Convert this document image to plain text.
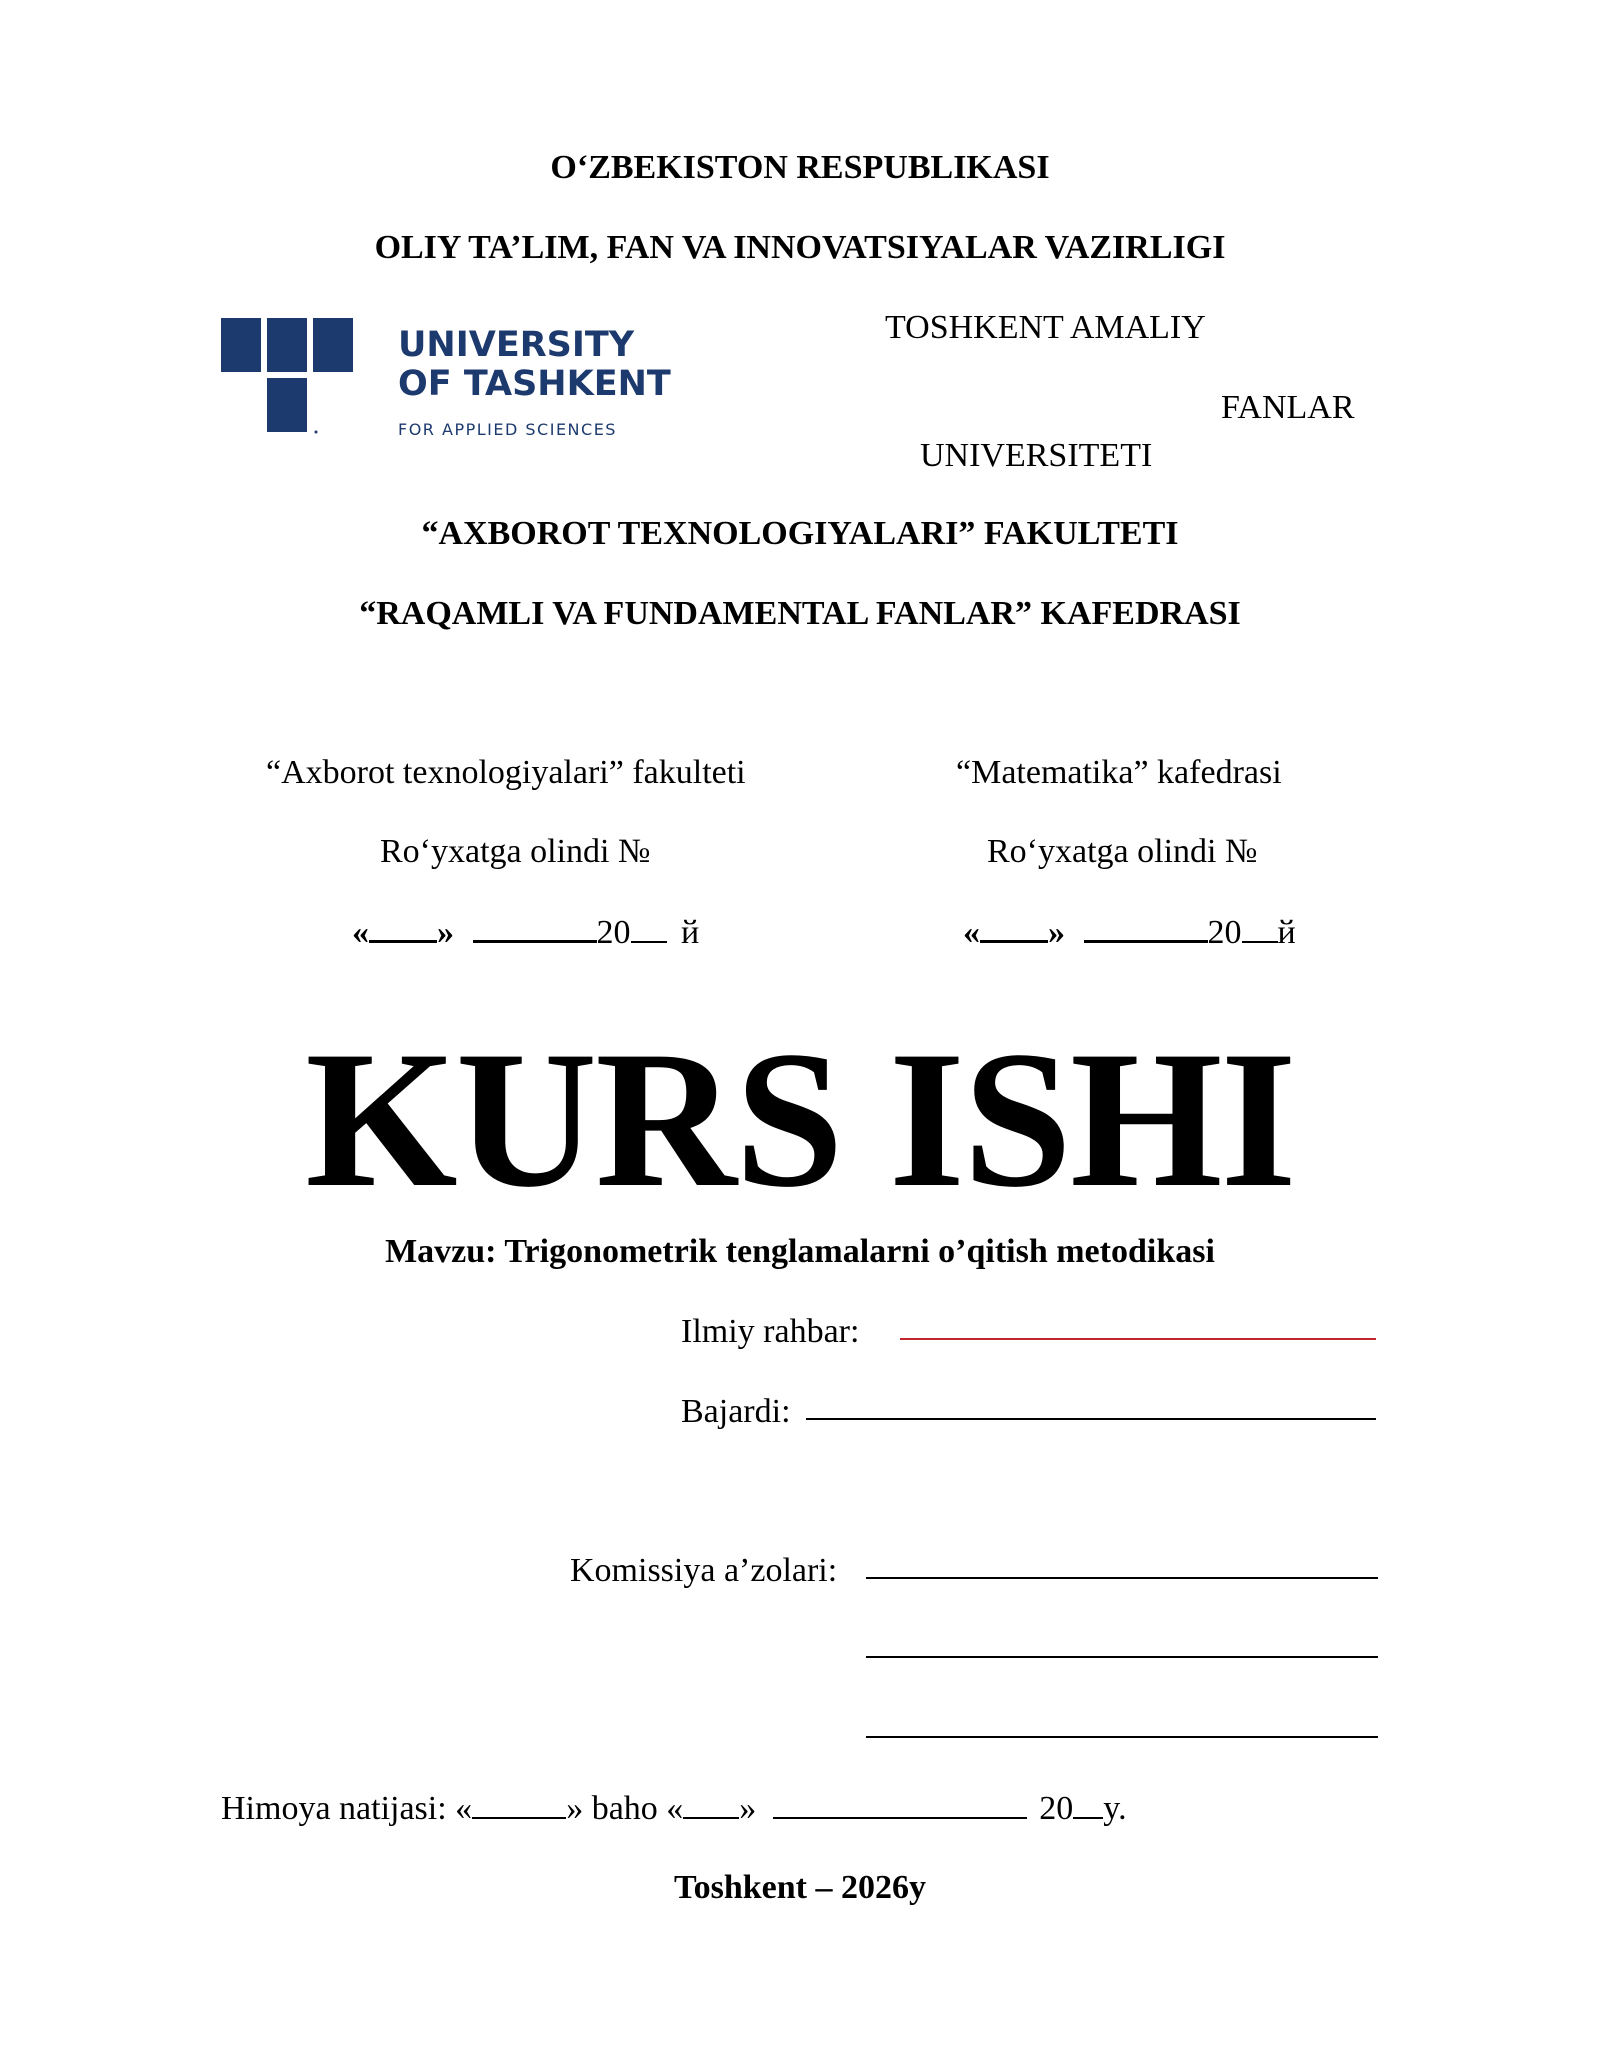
O‘ZBEKISTON RESPUBLIKASI
OLIY TA’LIM, FAN VA INNOVATSIYALAR VAZIRLIGI
UNIVERSITY
OF TASHKENT
FOR APPLIED SCIENCES
TOSHKENT AMALIY
FANLAR
UNIVERSITETI
“AXBOROT TEXNOLOGIYALARI” FAKULTETI
“RAQAMLI VA FUNDAMENTAL FANLAR” KAFEDRASI
“Axborot texnologiyalari” fakulteti
Ro‘yxatga olindi №
« »	20 й
“Matematika” kafedrasi
Ro‘yxatga olindi №
« »	20 й
KURS ISHI
Mavzu: Trigonometrik tenglamalarni o’qitish metodikasi
Ilmiy rahbar:
Bajardi:
Komissiya a’zolari:
Himoya natijasi: «	» baho « »	20 y.
Toshkent – 2026y
